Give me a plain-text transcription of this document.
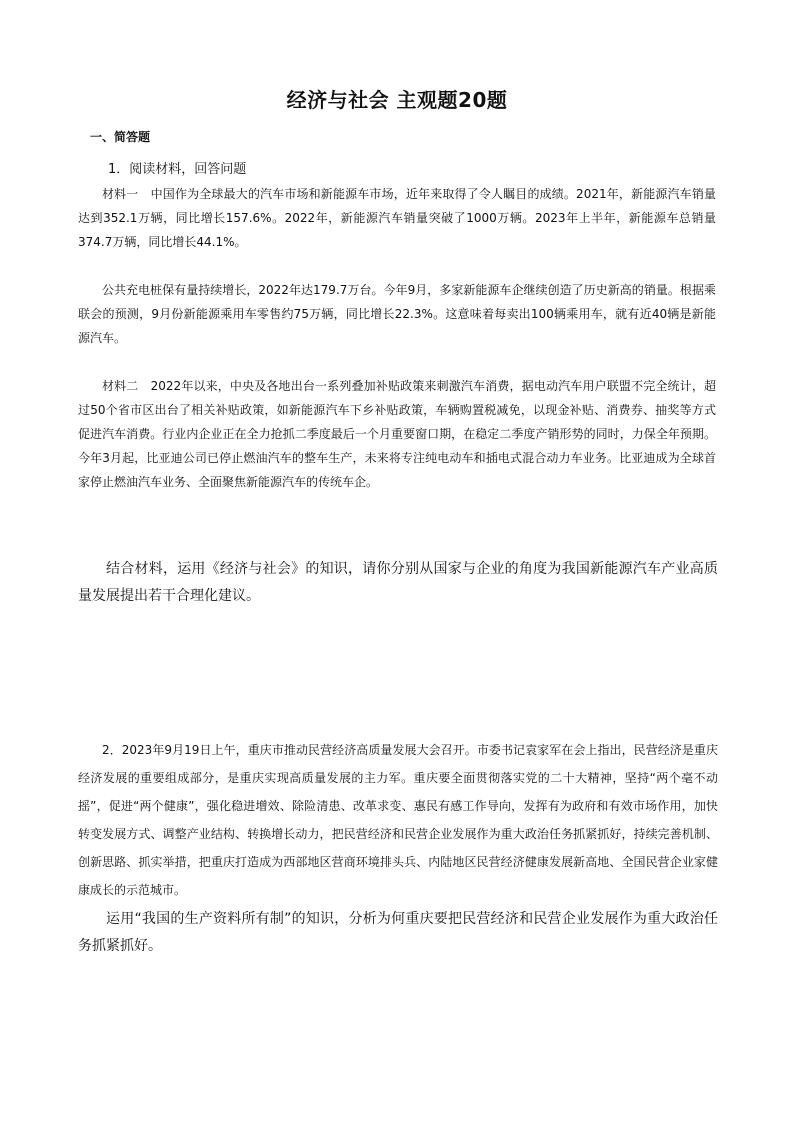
经济与社会 主观题20题
一、简答题
1．阅读材料，回答问题

材料一　中国作为全球最大的汽车市场和新能源车市场，近年来取得了令人瞩目的成绩。2021年，新能源汽车销量达到352.1万辆，同比增长157.6%。2022年，新能源汽车销量突破了1000万辆。2023年上半年，新能源车总销量374.7万辆，同比增长44.1%。

公共充电桩保有量持续增长，2022年达179.7万台。今年9月，多家新能源车企继续创造了历史新高的销量。根据乘联会的预测，9月份新能源乘用车零售约75万辆，同比增长22.3%。这意味着每卖出100辆乘用车，就有近40辆是新能源汽车。

材料二　2022年以来，中央及各地出台一系列叠加补贴政策来刺激汽车消费，据电动汽车用户联盟不完全统计，超过50个省市区出台了相关补贴政策，如新能源汽车下乡补贴政策，车辆购置税减免，以现金补贴、消费券、抽奖等方式促进汽车消费。行业内企业正在全力抢抓二季度最后一个月重要窗口期，在稳定二季度产销形势的同时，力保全年预期。今年3月起，比亚迪公司已停止燃油汽车的整车生产，未来将专注纯电动车和插电式混合动力车业务。比亚迪成为全球首家停止燃油汽车业务、全面聚焦新能源汽车的传统车企。

结合材料，运用《经济与社会》的知识，请你分别从国家与企业的角度为我国新能源汽车产业高质量发展提出若干合理化建议。

2．2023年9月19日上午，重庆市推动民营经济高质量发展大会召开。市委书记袁家军在会上指出，民营经济是重庆经济发展的重要组成部分，是重庆实现高质量发展的主力军。重庆要全面贯彻落实党的二十大精神，坚持“两个毫不动摇”，促进“两个健康”，强化稳进增效、除险清患、改革求变、惠民有感工作导向，发挥有为政府和有效市场作用，加快转变发展方式、调整产业结构、转换增长动力，把民营经济和民营企业发展作为重大政治任务抓紧抓好，持续完善机制、创新思路、抓实举措，把重庆打造成为西部地区营商环境排头兵、内陆地区民营经济健康发展新高地、全国民营企业家健康成长的示范城市。

运用“我国的生产资料所有制”的知识，分析为何重庆要把民营经济和民营企业发展作为重大政治任务抓紧抓好。
